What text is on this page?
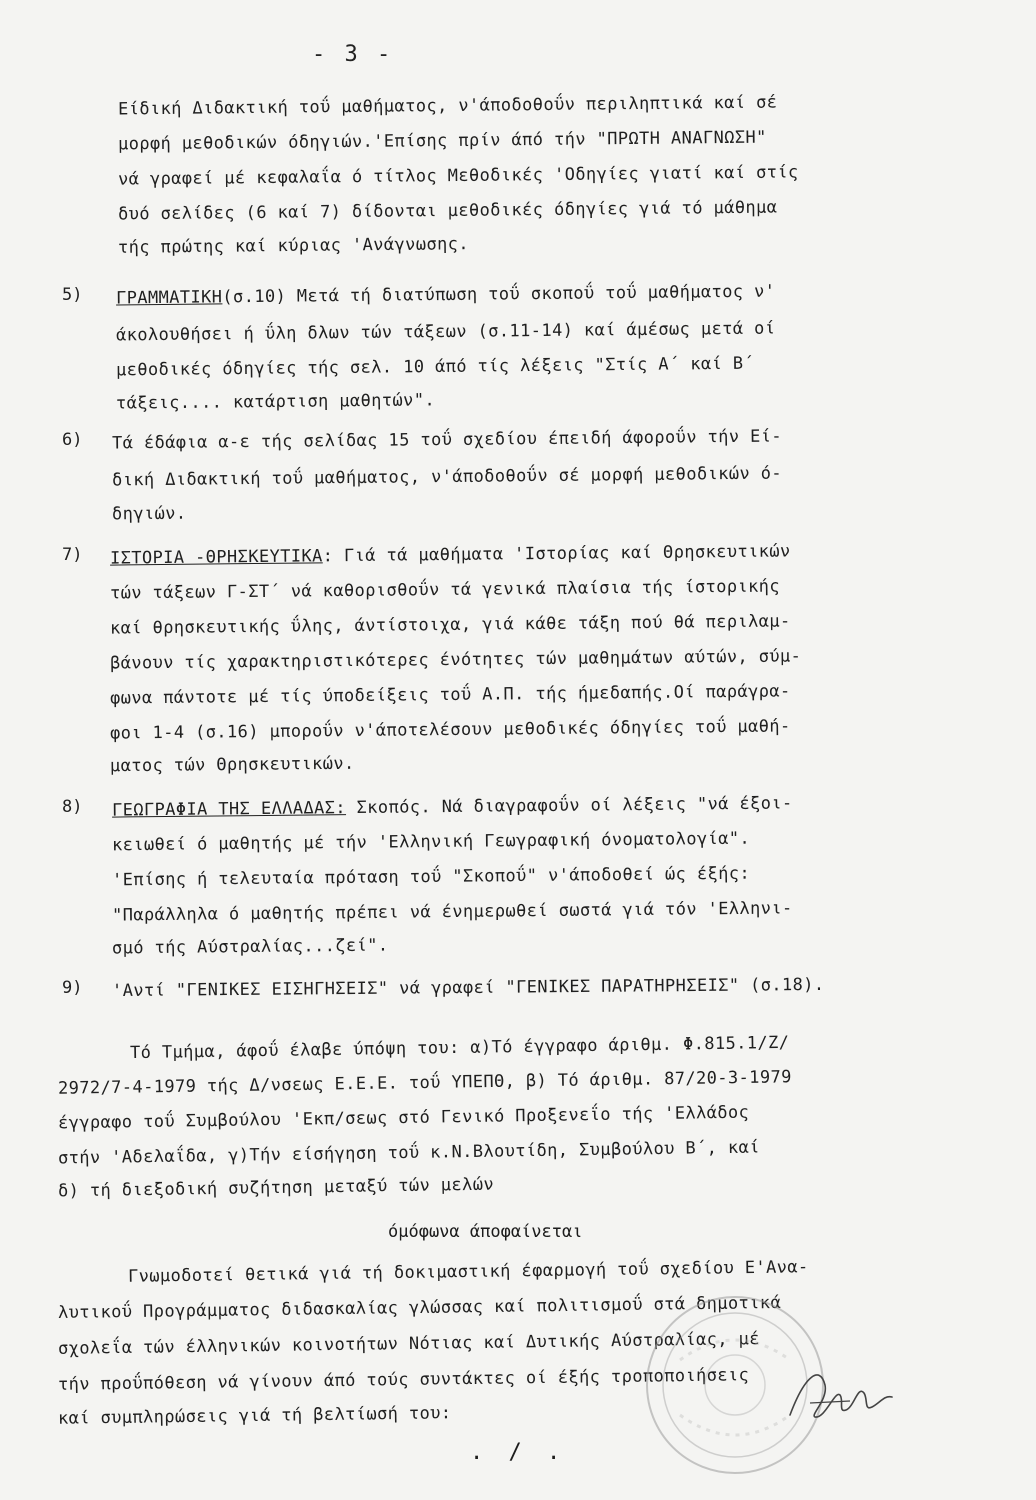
- 3 -
Είδική Διδακτική τοΰ μαθήματος, ν'άποδοθοΰν περιληπτικά καί σέ
μορφή μεθοδικών όδηγιών.'Επίσης πρίν άπό τήν "ΠΡΩΤΗ ΑΝΑΓΝΩΣΗ"
νά γραφεί μέ κεφαλαΐα ό τίτλος Μεθοδικές 'Οδηγίες γιατί καί στίς
δυό σελίδες (6 καί 7) δίδονται μεθοδικές όδηγίες γιά τό μάθημα
τής πρώτης καί κύριας 'Ανάγνωσης.
5) ΓΡΑΜΜΑΤΙΚΗ(σ.10) Μετά τή διατύπωση τοΰ σκοποΰ τοΰ μαθήματος ν'
άκολουθήσει ή ΰλη δλων τών τάξεων (σ.11-14) καί άμέσως μετά οί
μεθοδικές όδηγίες τής σελ. 10 άπό τίς λέξεις "Στίς Α΄ καί Β΄
τάξεις.... κατάρτιση μαθητών".
6) Τά έδάφια α-ε τής σελίδας 15 τοΰ σχεδίου έπειδή άφοροΰν τήν Εί-
δική Διδακτική τοΰ μαθήματος, ν'άποδοθοΰν σέ μορφή μεθοδικών ό-
δηγιών.
7) ΙΣΤΟΡΙΑ -ΘΡΗΣΚΕΥΤΙΚΑ: Γιά τά μαθήματα 'Ιστορίας καί Θρησκευτικών
τών τάξεων Γ-ΣΤ΄ νά καθορισθοΰν τά γενικά πλαίσια τής ίστορικής
καί θρησκευτικής ΰλης, άντίστοιχα, γιά κάθε τάξη πού θά περιλαμ-
βάνουν τίς χαρακτηριστικότερες ένότητες τών μαθημάτων αύτών, σύμ-
φωνα πάντοτε μέ τίς ύποδείξεις τοΰ Α.Π. τής ήμεδαπής.Οί παράγρα-
φοι 1-4 (σ.16) μποροΰν ν'άποτελέσουν μεθοδικές όδηγίες τοΰ μαθή-
ματος τών Θρησκευτικών.
8) ΓΕΩΓΡΑΦΙΑ ΤΗΣ ΕΛΛΑΔΑΣ: Σκοπός. Νά διαγραφοΰν οί λέξεις "νά έξοι-
κειωθεί ό μαθητής μέ τήν 'Ελληνική Γεωγραφική όνοματολογία".
'Επίσης ή τελευταία πρόταση τοΰ "Σκοποΰ" ν'άποδοθεί ώς έξής:
"Παράλληλα ό μαθητής πρέπει νά ένημερωθεί σωστά γιά τόν 'Ελληνι-
σμό τής Αύστραλίας...ζεί".
9) 'Αντί "ΓΕΝΙΚΕΣ ΕΙΣΗΓΗΣΕΙΣ" νά γραφεί "ΓΕΝΙΚΕΣ ΠΑΡΑΤΗΡΗΣΕΙΣ" (σ.18).
Τό Τμήμα, άφοΰ έλαβε ύπόψη του: α)Τό έγγραφο άριθμ. Φ.815.1/Ζ/
2972/7-4-1979 τής Δ/νσεως Ε.Ε.Ε. τοΰ ΥΠΕΠΘ, β) Τό άριθμ. 87/20-3-1979
έγγραφο τοΰ Συμβούλου 'Εκπ/σεως στό Γενικό Προξενεΐο τής 'Ελλάδος
στήν 'Αδελαΐδα, γ)Τήν είσήγηση τοΰ κ.Ν.Βλουτίδη, Συμβούλου Β΄, καί
δ) τή διεξοδική συζήτηση μεταξύ τών μελών
όμόφωνα άποφαίνεται
Γνωμοδοτεί θετικά γιά τή δοκιμαστική έφαρμογή τοΰ σχεδίου Ε'Ανα-
λυτικοΰ Προγράμματος διδασκαλίας γλώσσας καί πολιτισμοΰ στά δημοτικά
σχολεΐα τών έλληνικών κοινοτήτων Νότιας καί Δυτικής Αύστραλίας, μέ
τήν προΰπόθεση νά γίνουν άπό τούς συντάκτες οί έξής τροποποιήσεις
καί συμπληρώσεις γιά τή βελτίωσή του:
. / .
